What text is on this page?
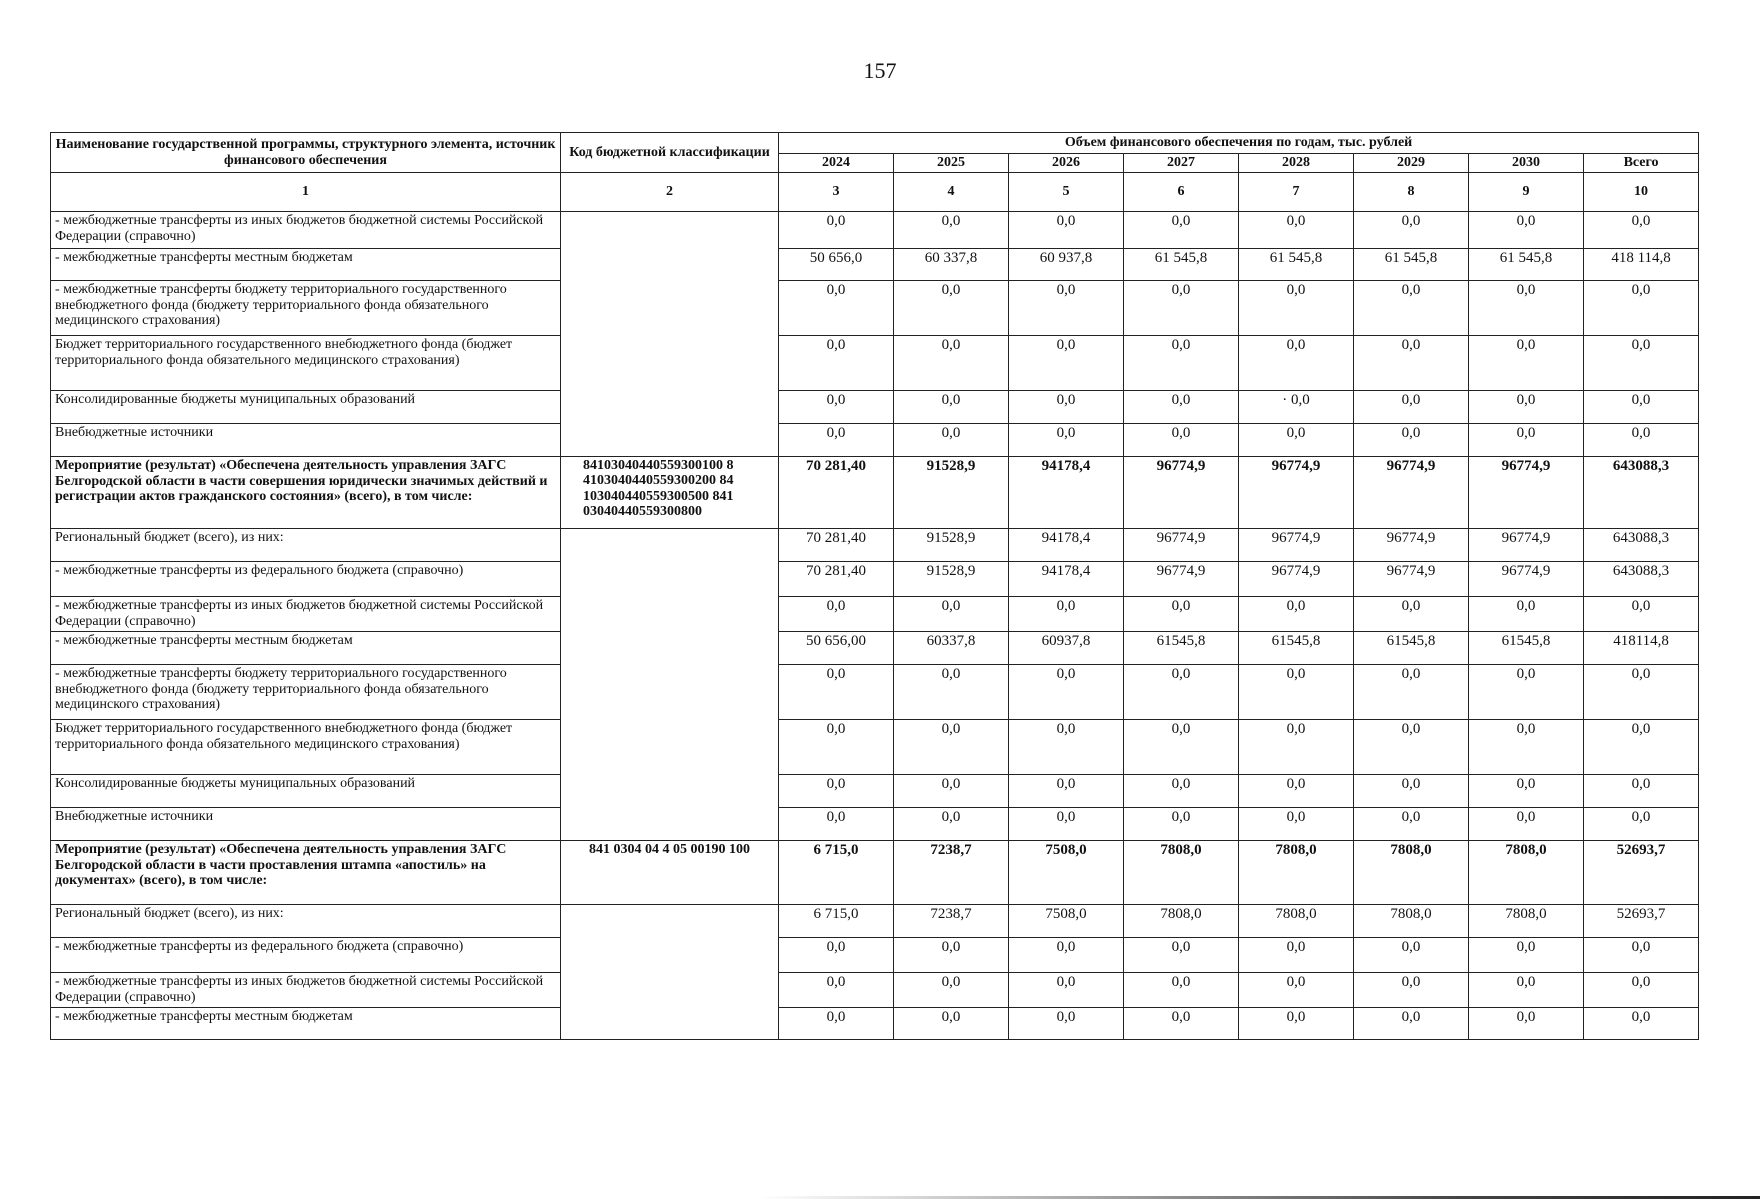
157
Наименование государственной программы, структурного элемента, источник финансового обеспечения	Код бюджетной классификации	Объем финансового обеспечения по годам, тыс. рублей							
		2024	2025	2026	2027	2028	2029	2030	Всего
1	2	3	4	5	6	7	8	9	10
- межбюджетные трансферты из иных бюджетов бюджетной системы Российской Федерации (справочно)		0,0	0,0	0,0	0,0	0,0	0,0	0,0	0,0
- межбюджетные трансферты местным бюджетам		50 656,0	60 337,8	60 937,8	61 545,8	61 545,8	61 545,8	61 545,8	418 114,8
- межбюджетные трансферты бюджету территориального государственного внебюджетного фонда (бюджету территориального фонда обязательного медицинского страхования)		0,0	0,0	0,0	0,0	0,0	0,0	0,0	0,0
Бюджет территориального государственного внебюджетного фонда (бюджет территориального фонда обязательного медицинского страхования)		0,0	0,0	0,0	0,0	0,0	0,0	0,0	0,0
Консолидированные бюджеты муниципальных образований		0,0	0,0	0,0	0,0	· 0,0	0,0	0,0	0,0
Внебюджетные источники		0,0	0,0	0,0	0,0	0,0	0,0	0,0	0,0
Мероприятие (результат) «Обеспечена деятельность управления ЗАГС Белгородской области в части совершения юридически значимых действий и регистрации актов гражданского состояния» (всего), в том числе:	84103040440559300100 84103040440559300200 84103040440559300500 84103040440559300800	70 281,40	91528,9	94178,4	96774,9	96774,9	96774,9	96774,9	643088,3
Региональный бюджет (всего), из них:		70 281,40	91528,9	94178,4	96774,9	96774,9	96774,9	96774,9	643088,3
- межбюджетные трансферты из федерального бюджета (справочно)		70 281,40	91528,9	94178,4	96774,9	96774,9	96774,9	96774,9	643088,3
- межбюджетные трансферты из иных бюджетов бюджетной системы Российской Федерации (справочно)		0,0	0,0	0,0	0,0	0,0	0,0	0,0	0,0
- межбюджетные трансферты местным бюджетам		50 656,00	60337,8	60937,8	61545,8	61545,8	61545,8	61545,8	418114,8
- межбюджетные трансферты бюджету территориального государственного внебюджетного фонда (бюджету территориального фонда обязательного медицинского страхования)		0,0	0,0	0,0	0,0	0,0	0,0	0,0	0,0
Бюджет территориального государственного внебюджетного фонда (бюджет территориального фонда обязательного медицинского страхования)		0,0	0,0	0,0	0,0	0,0	0,0	0,0	0,0
Консолидированные бюджеты муниципальных образований		0,0	0,0	0,0	0,0	0,0	0,0	0,0	0,0
Внебюджетные источники		0,0	0,0	0,0	0,0	0,0	0,0	0,0	0,0
Мероприятие (результат) «Обеспечена деятельность управления ЗАГС Белгородской области в части проставления штампа «апостиль» на документах» (всего), в том числе:	841 0304 04 4 05 00190 100	6 715,0	7238,7	7508,0	7808,0	7808,0	7808,0	7808,0	52693,7
Региональный бюджет (всего), из них:		6 715,0	7238,7	7508,0	7808,0	7808,0	7808,0	7808,0	52693,7
- межбюджетные трансферты из федерального бюджета (справочно)		0,0	0,0	0,0	0,0	0,0	0,0	0,0	0,0
- межбюджетные трансферты из иных бюджетов бюджетной системы Российской Федерации (справочно)		0,0	0,0	0,0	0,0	0,0	0,0	0,0	0,0
- межбюджетные трансферты местным бюджетам		0,0	0,0	0,0	0,0	0,0	0,0	0,0	0,0
